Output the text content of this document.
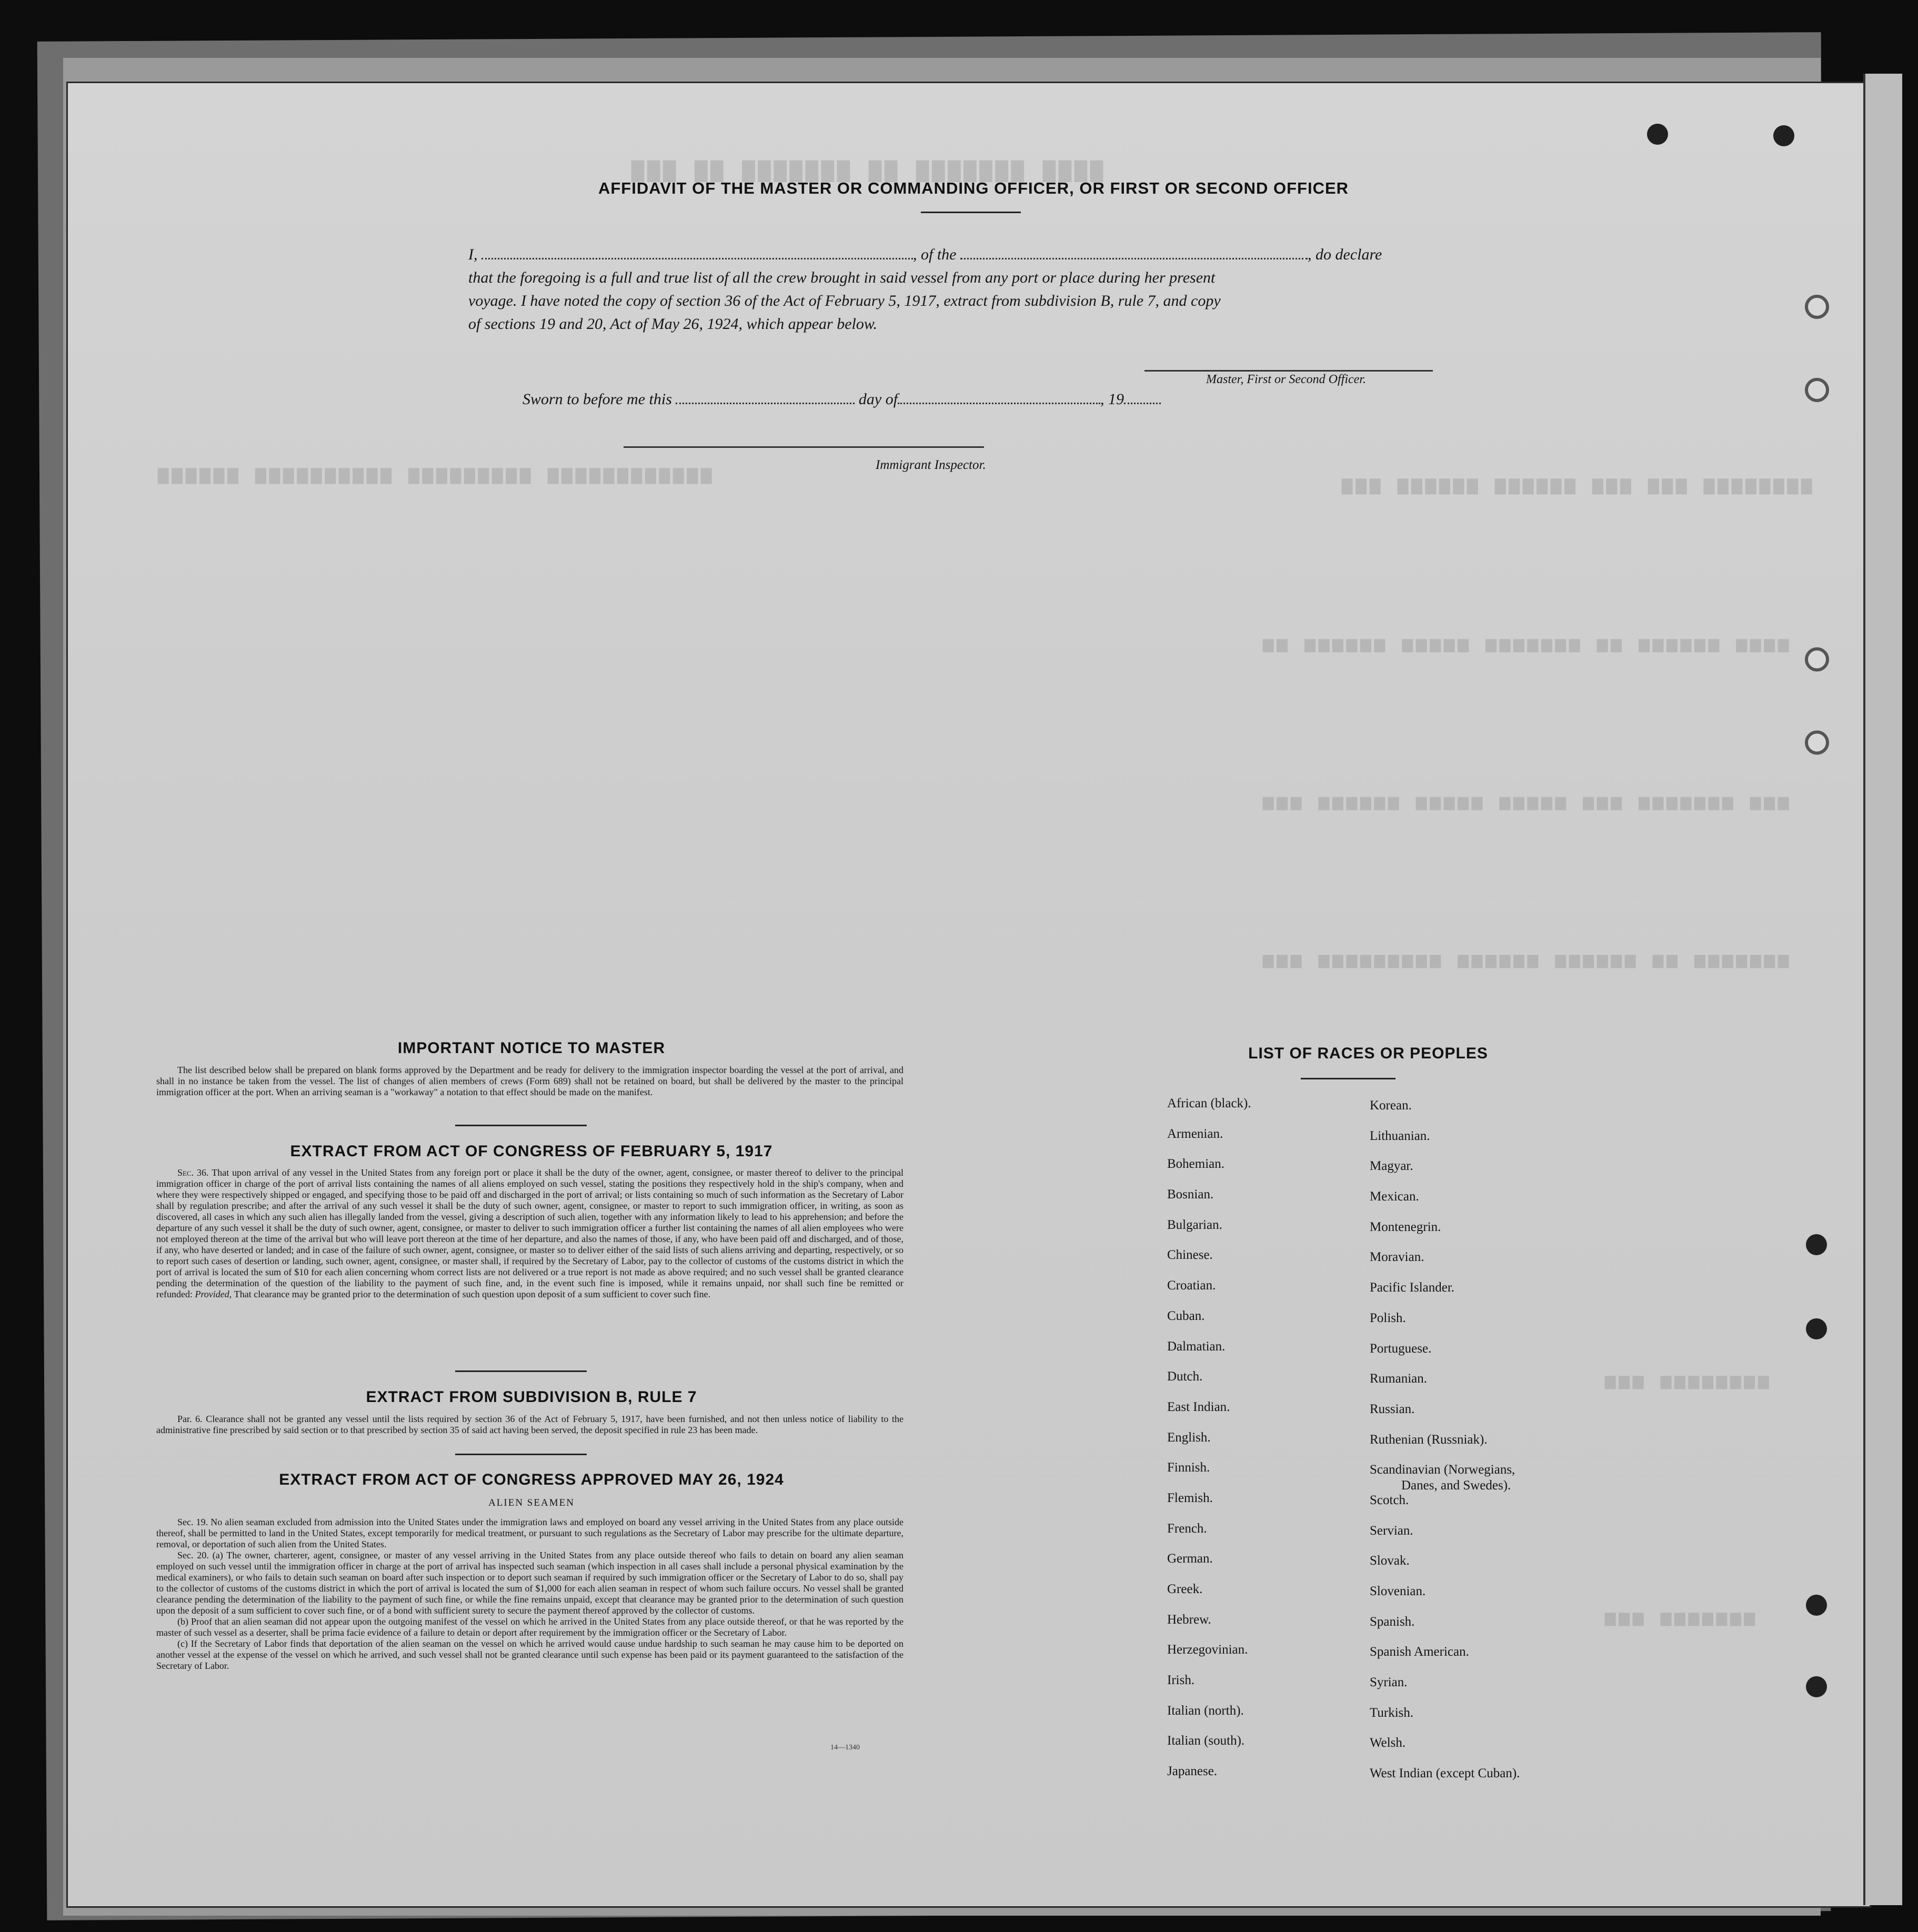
▇▇▇ ▇▇ ▇▇▇▇▇▇▇ ▇▇ ▇▇▇▇▇▇▇ ▇▇▇▇
▆▆▆▆▆▆ ▆▆▆▆▆▆▆▆▆▆ ▆▆▆▆▆▆▆▆▆ ▆▆▆▆▆▆▆▆▆▆▆▆
▆▆▆ ▆▆▆▆▆▆ ▆▆▆▆▆▆ ▆▆▆ ▆▆▆ ▆▆▆▆▆▆▆▆
▅▅ ▅▅▅▅▅▅ ▅▅▅▅▅ ▅▅▅▅▅▅▅ ▅▅ ▅▅▅▅▅▅ ▅▅▅▅
▅▅▅ ▅▅▅▅▅▅ ▅▅▅▅▅ ▅▅▅▅▅ ▅▅▅ ▅▅▅▅▅▅▅ ▅▅▅
▅▅▅ ▅▅▅▅▅▅▅▅▅ ▅▅▅▅▅▅ ▅▅▅▅▅▅ ▅▅ ▅▅▅▅▅▅▅
▅▅▅ ▅▅▅▅▅▅▅▅
▅▅▅ ▅▅▅▅▅▅▅
AFFIDAVIT OF THE MASTER OR COMMANDING OFFICER, OR FIRST OR SECOND OFFICER
I,	, of the	, do declare
that the foregoing is a full and true list of all the crew brought in said vessel from any port or place during her present
voyage. I have noted the copy of section 36 of the Act of February 5, 1917, extract from subdivision B, rule 7, and copy
of sections 19 and 20, Act of May 26, 1924, which appear below.
Master, First or Second Officer.
Sworn to before me this	day of	, 19
Immigrant Inspector.
IMPORTANT NOTICE TO MASTER

The list described below shall be prepared on blank forms approved by the Department and be ready for delivery to the immigration inspector boarding the vessel at the port of arrival, and shall in no instance be taken from the vessel. The list of changes of alien members of crews (Form 689) shall not be retained on board, but shall be delivered by the master to the principal immigration officer at the port. When an arriving seaman is a "workaway" a notation to that effect should be made on the manifest.

EXTRACT FROM ACT OF CONGRESS OF FEBRUARY 5, 1917

Sec. 36. That upon arrival of any vessel in the United States from any foreign port or place it shall be the duty of the owner, agent, consignee, or master thereof to deliver to the principal immigration officer in charge of the port of arrival lists containing the names of all aliens employed on such vessel, stating the positions they respectively hold in the ship's company, when and where they were respectively shipped or engaged, and specifying those to be paid off and discharged in the port of arrival; or lists containing so much of such information as the Secretary of Labor shall by regulation prescribe; and after the arrival of any such vessel it shall be the duty of such owner, agent, consignee, or master to report to such immigration officer, in writing, as soon as discovered, all cases in which any such alien has illegally landed from the vessel, giving a description of such alien, together with any information likely to lead to his apprehension; and before the departure of any such vessel it shall be the duty of such owner, agent, consignee, or master to deliver to such immigration officer a further list containing the names of all alien employees who were not employed thereon at the time of the arrival but who will leave port thereon at the time of her departure, and also the names of those, if any, who have been paid off and discharged, and of those, if any, who have deserted or landed; and in case of the failure of such owner, agent, consignee, or master so to deliver either of the said lists of such aliens arriving and departing, respectively, or so to report such cases of desertion or landing, such owner, agent, consignee, or master shall, if required by the Secretary of Labor, pay to the collector of customs of the customs district in which the port of arrival is located the sum of $10 for each alien concerning whom correct lists are not delivered or a true report is not made as above required; and no such vessel shall be granted clearance pending the determination of the question of the liability to the payment of such fine, and, in the event such fine is imposed, while it remains unpaid, nor shall such fine be remitted or refunded: Provided, That clearance may be granted prior to the determination of such question upon deposit of a sum sufficient to cover such fine.

EXTRACT FROM SUBDIVISION B, RULE 7

Par. 6. Clearance shall not be granted any vessel until the lists required by section 36 of the Act of February 5, 1917, have been furnished, and not then unless notice of liability to the administrative fine prescribed by said section or to that prescribed by section 35 of said act having been served, the deposit specified in rule 23 has been made.

EXTRACT FROM ACT OF CONGRESS APPROVED MAY 26, 1924
ALIEN SEAMEN

Sec. 19. No alien seaman excluded from admission into the United States under the immigration laws and employed on board any vessel arriving in the United States from any place outside thereof, shall be permitted to land in the United States, except temporarily for medical treatment, or pursuant to such regulations as the Secretary of Labor may prescribe for the ultimate departure, removal, or deportation of such alien from the United States.

Sec. 20. (a) The owner, charterer, agent, consignee, or master of any vessel arriving in the United States from any place outside thereof who fails to detain on board any alien seaman employed on such vessel until the immigration officer in charge at the port of arrival has inspected such seaman (which inspection in all cases shall include a personal physical examination by the medical examiners), or who fails to detain such seaman on board after such inspection or to deport such seaman if required by such immigration officer or the Secretary of Labor to do so, shall pay to the collector of customs of the customs district in which the port of arrival is located the sum of $1,000 for each alien seaman in respect of whom such failure occurs. No vessel shall be granted clearance pending the determination of the liability to the payment of such fine, or while the fine remains unpaid, except that clearance may be granted prior to the determination of such question upon the deposit of a sum sufficient to cover such fine, or of a bond with sufficient surety to secure the payment thereof approved by the collector of customs.

(b) Proof that an alien seaman did not appear upon the outgoing manifest of the vessel on which he arrived in the United States from any place outside thereof, or that he was reported by the master of such vessel as a deserter, shall be prima facie evidence of a failure to detain or deport after requirement by the immigration officer or the Secretary of Labor.

(c) If the Secretary of Labor finds that deportation of the alien seaman on the vessel on which he arrived would cause undue hardship to such seaman he may cause him to be deported on another vessel at the expense of the vessel on which he arrived, and such vessel shall not be granted clearance until such expense has been paid or its payment guaranteed to the satisfaction of the Secretary of Labor.

14—1340
LIST OF RACES OR PEOPLES
African (black).
Armenian.
Bohemian.
Bosnian.
Bulgarian.
Chinese.
Croatian.
Cuban.
Dalmatian.
Dutch.
East Indian.
English.
Finnish.
Flemish.
French.
German.
Greek.
Hebrew.
Herzegovinian.
Irish.
Italian (north).
Italian (south).
Japanese.
Korean.
Lithuanian.
Magyar.
Mexican.
Montenegrin.
Moravian.
Pacific Islander.
Polish.
Portuguese.
Rumanian.
Russian.
Ruthenian (Russniak).
Scandinavian (Norwegians,
Danes, and Swedes).
Scotch.
Servian.
Slovak.
Slovenian.
Spanish.
Spanish American.
Syrian.
Turkish.
Welsh.
West Indian (except Cuban).
